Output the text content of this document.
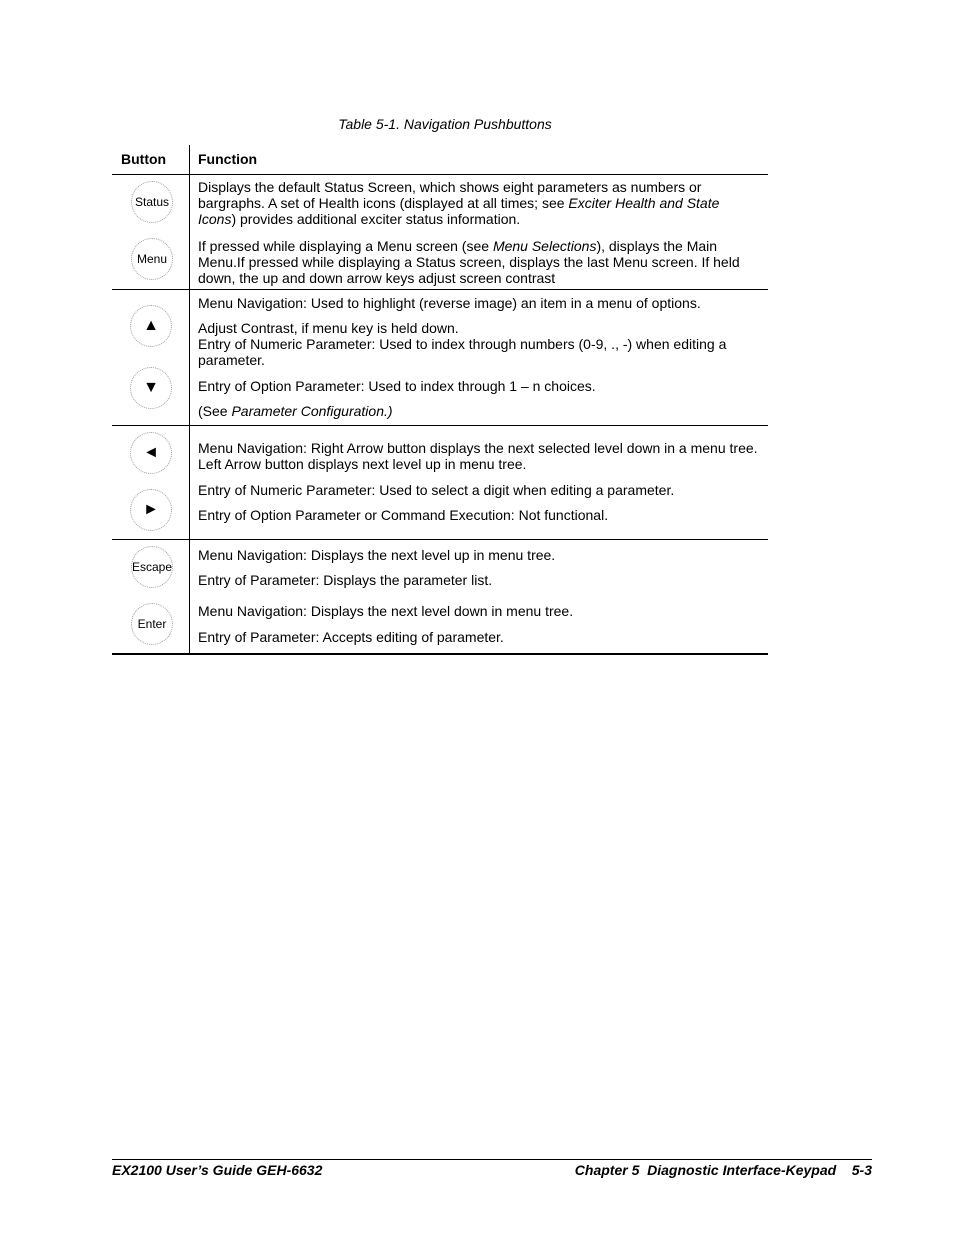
Table 5-1. Navigation Pushbuttons
Button Function
Status
Menu

Displays the default Status Screen, which shows eight parameters as numbers or bargraphs. A set of Health icons (displayed at all times; see Exciter Health and State Icons) provides additional exciter status information.

If pressed while displaying a Menu screen (see Menu Selections), displays the Main Menu.If pressed while displaying a Status screen, displays the last Menu screen. If held down, the up and down arrow keys adjust screen contrast

▲
▼

Menu Navigation: Used to highlight (reverse image) an item in a menu of options.

Adjust Contrast, if menu key is held down.

Entry of Numeric Parameter: Used to index through numbers (0-9, ., -) when editing a parameter.

Entry of Option Parameter: Used to index through 1 – n choices.

(See Parameter Configuration.)

◄
►

Menu Navigation: Right Arrow button displays the next selected level down in a menu tree. Left Arrow button displays next level up in menu tree.

Entry of Numeric Parameter: Used to select a digit when editing a parameter.

Entry of Option Parameter or Command Execution: Not functional.

Escape
Enter

Menu Navigation: Displays the next level up in menu tree.

Entry of Parameter: Displays the parameter list.

Menu Navigation: Displays the next level down in menu tree.

Entry of Parameter: Accepts editing of parameter.

EX2100 User’s Guide GEH-6632	Chapter 5  Diagnostic Interface-Keypad    5-3
